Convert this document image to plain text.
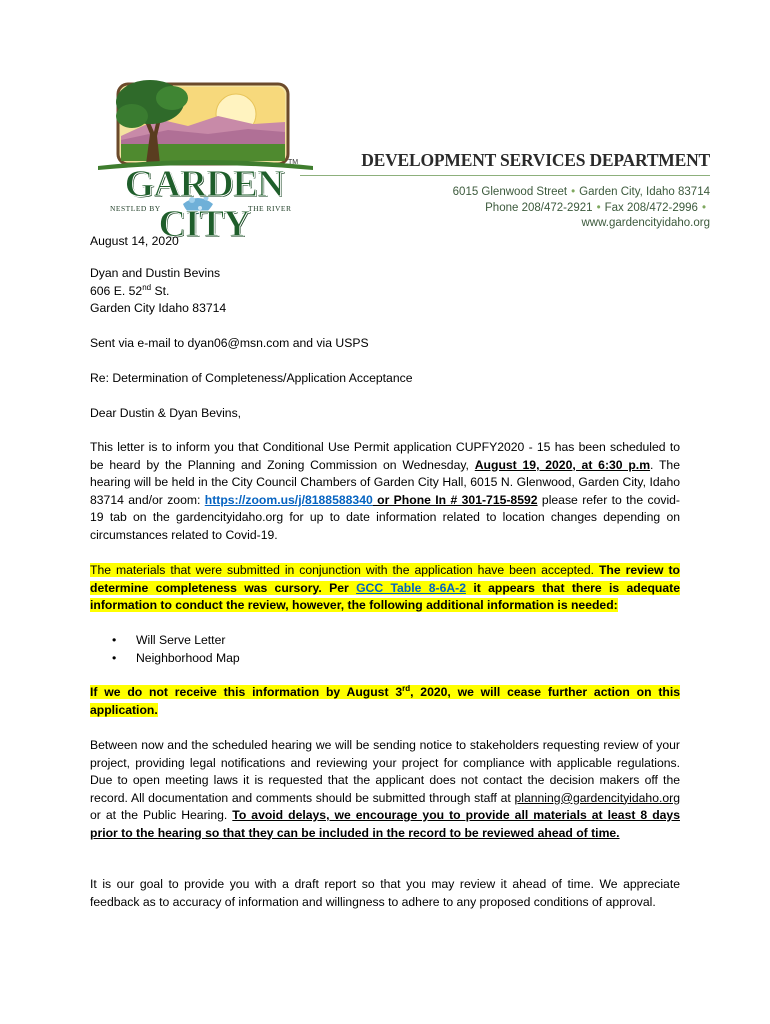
GARDEN CITY
TM
NESTLED BY	THE RIVER
DEVELOPMENT SERVICES DEPARTMENT
6015 Glenwood Street • Garden City, Idaho 83714
Phone 208/472-2921 • Fax 208/472-2996 •
www.gardencityidaho.org
August 14, 2020
Dyan and Dustin Bevins
606 E. 52nd St.
Garden City Idaho 83714
Sent via e-mail to dyan06@msn.com and via USPS
Re: Determination of Completeness/Application Acceptance
Dear Dustin & Dyan Bevins,
This letter is to inform you that Conditional Use Permit application CUPFY2020 - 15 has been scheduled to be heard by the Planning and Zoning Commission on Wednesday, August 19, 2020, at 6:30 p.m. The hearing will be held in the City Council Chambers of Garden City Hall, 6015 N. Glenwood, Garden City, Idaho 83714 and/or zoom: https://zoom.us/j/8188588340 or Phone In # 301-715-8592 please refer to the covid-19 tab on the gardencityidaho.org for up to date information related to location changes depending on circumstances related to Covid-19.
The materials that were submitted in conjunction with the application have been accepted. The review to determine completeness was cursory. Per GCC Table 8-6A-2 it appears that there is adequate information to conduct the review, however, the following additional information is needed:
• Will Serve Letter
• Neighborhood Map
If we do not receive this information by August 3rd, 2020, we will cease further action on this application.
Between now and the scheduled hearing we will be sending notice to stakeholders requesting review of your project, providing legal notifications and reviewing your project for compliance with applicable regulations. Due to open meeting laws it is requested that the applicant does not contact the decision makers off the record. All documentation and comments should be submitted through staff at planning@gardencityidaho.org or at the Public Hearing. To avoid delays, we encourage you to provide all materials at least 8 days prior to the hearing so that they can be included in the record to be reviewed ahead of time.
It is our goal to provide you with a draft report so that you may review it ahead of time. We appreciate feedback as to accuracy of information and willingness to adhere to any proposed conditions of approval.
